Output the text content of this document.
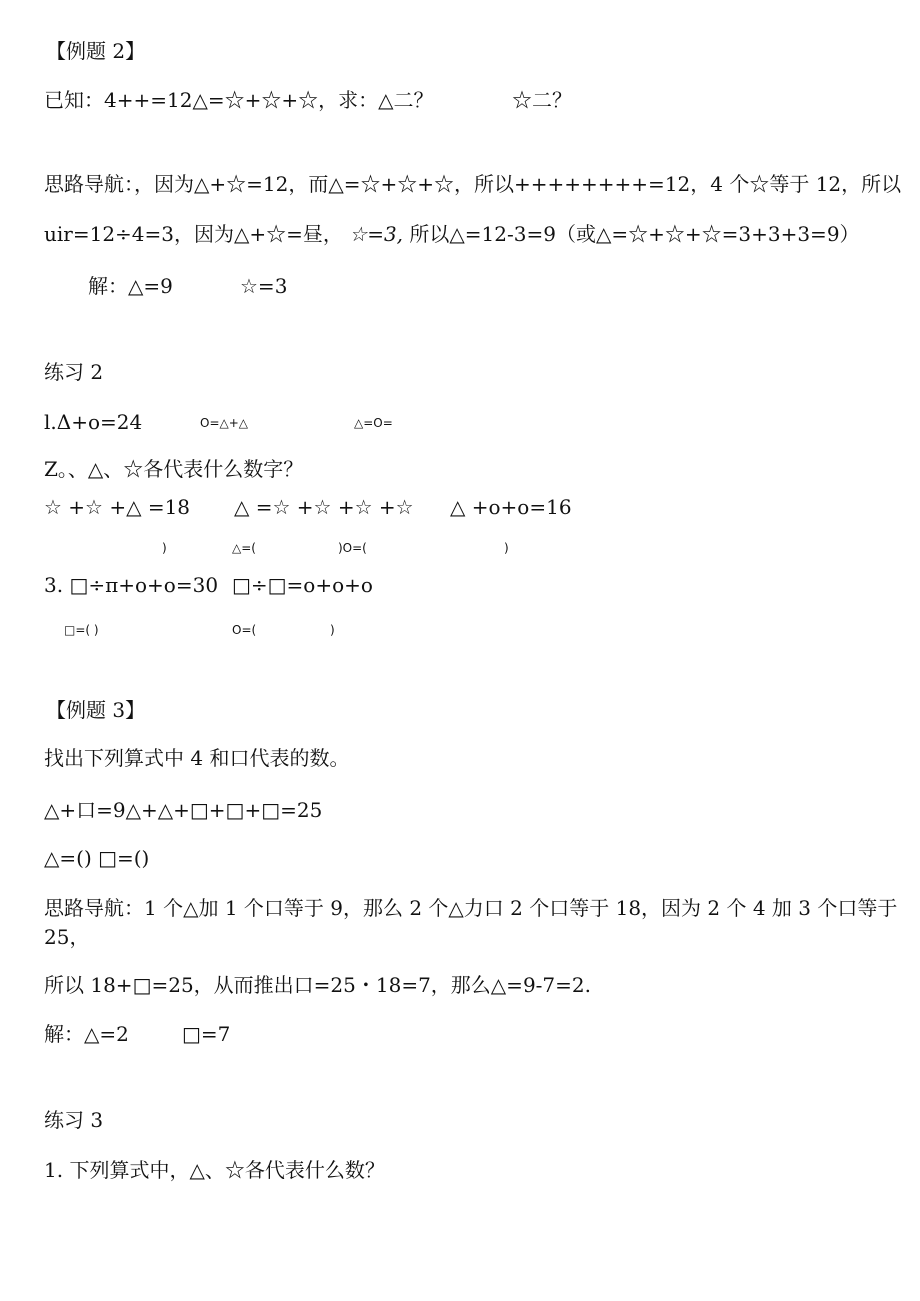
【例题 2】
已知：4++=12△=☆+☆+☆，求：△二？	☆二？
思路导航：，因为△+☆=12，而△=☆+☆+☆，所以++++++++=12，4 个☆等于 12，所以
uir=12÷4=3，因为△+☆=昼， ☆=3, 所以△=12-3=9（或△=☆+☆+☆=3+3+3=9）
解：△=9	☆=3
练习 2
l.Δ+o=24	O=△+△	△=O=
Z。、△、☆各代表什么数字？
☆ +☆ +△ =18 △ =☆ +☆ +☆ +☆ △ +o+o=16
)	△=(	)O=(	)
3. □÷π+o+o=30 □÷□=o+o+o
□=( )	O=(	)
【例题 3】
找出下列算式中 4 和口代表的数。
△+口=9△+△+□+□+□=25
△=() □=()
思路导航：1 个△加 1 个口等于 9，那么 2 个△力口 2 个口等于 18，因为 2 个 4 加 3 个口等于
25，
所以 18+□=25，从而推出口=25・18=7，那么△=9-7=2.
解：△=2	□=7
练习 3
1. 下列算式中，△、☆各代表什么数？
